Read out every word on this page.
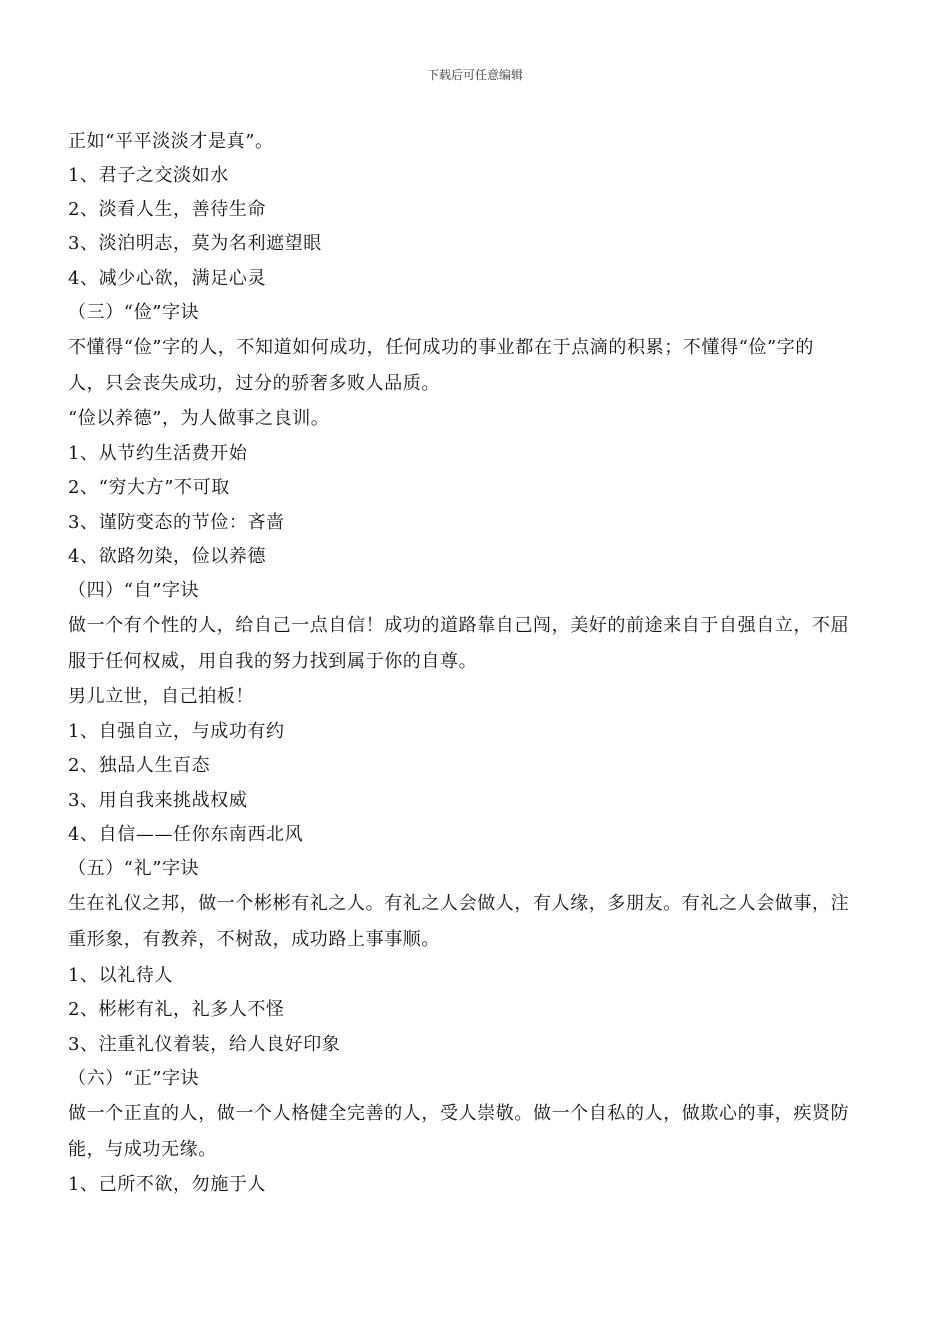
下载后可任意编辑
正如“平平淡淡才是真”。
1、君子之交淡如水
2、淡看人生，善待生命
3、淡泊明志，莫为名利遮望眼
4、减少心欲，满足心灵
（三）“俭”字诀
不懂得“俭”字的人，不知道如何成功，任何成功的事业都在于点滴的积累；不懂得“俭”字的
人，只会丧失成功，过分的骄奢多败人品质。
“俭以养德”，为人做事之良训。
1、从节约生活费开始
2、“穷大方”不可取
3、谨防变态的节俭：吝啬
4、欲路勿染，俭以养德
（四）“自”字诀
做一个有个性的人，给自己一点自信！成功的道路靠自己闯，美好的前途来自于自强自立，不屈
服于任何权威，用自我的努力找到属于你的自尊。
男儿立世，自己拍板！
1、自强自立，与成功有约
2、独品人生百态
3、用自我来挑战权威
4、自信——任你东南西北风
（五）“礼”字诀
生在礼仪之邦，做一个彬彬有礼之人。有礼之人会做人，有人缘，多朋友。有礼之人会做事，注
重形象，有教养，不树敌，成功路上事事顺。
1、以礼待人
2、彬彬有礼，礼多人不怪
3、注重礼仪着装，给人良好印象
（六）“正”字诀
做一个正直的人，做一个人格健全完善的人，受人崇敬。做一个自私的人，做欺心的事，疾贤防
能，与成功无缘。
1、己所不欲，勿施于人
